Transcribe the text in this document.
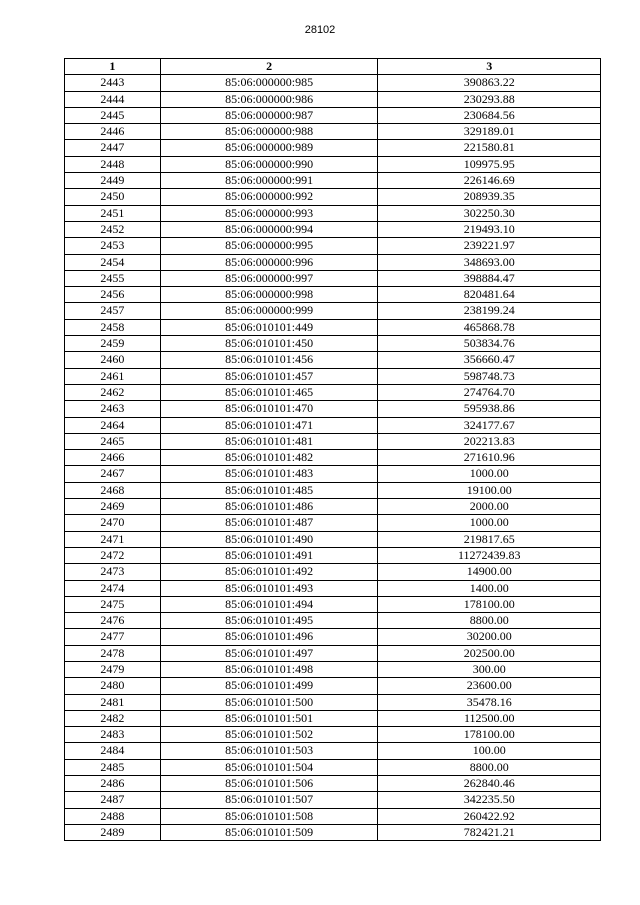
28102
1	2	3
2443	85:06:000000:985	390863.22
2444	85:06:000000:986	230293.88
2445	85:06:000000:987	230684.56
2446	85:06:000000:988	329189.01
2447	85:06:000000:989	221580.81
2448	85:06:000000:990	109975.95
2449	85:06:000000:991	226146.69
2450	85:06:000000:992	208939.35
2451	85:06:000000:993	302250.30
2452	85:06:000000:994	219493.10
2453	85:06:000000:995	239221.97
2454	85:06:000000:996	348693.00
2455	85:06:000000:997	398884.47
2456	85:06:000000:998	820481.64
2457	85:06:000000:999	238199.24
2458	85:06:010101:449	465868.78
2459	85:06:010101:450	503834.76
2460	85:06:010101:456	356660.47
2461	85:06:010101:457	598748.73
2462	85:06:010101:465	274764.70
2463	85:06:010101:470	595938.86
2464	85:06:010101:471	324177.67
2465	85:06:010101:481	202213.83
2466	85:06:010101:482	271610.96
2467	85:06:010101:483	1000.00
2468	85:06:010101:485	19100.00
2469	85:06:010101:486	2000.00
2470	85:06:010101:487	1000.00
2471	85:06:010101:490	219817.65
2472	85:06:010101:491	11272439.83
2473	85:06:010101:492	14900.00
2474	85:06:010101:493	1400.00
2475	85:06:010101:494	178100.00
2476	85:06:010101:495	8800.00
2477	85:06:010101:496	30200.00
2478	85:06:010101:497	202500.00
2479	85:06:010101:498	300.00
2480	85:06:010101:499	23600.00
2481	85:06:010101:500	35478.16
2482	85:06:010101:501	112500.00
2483	85:06:010101:502	178100.00
2484	85:06:010101:503	100.00
2485	85:06:010101:504	8800.00
2486	85:06:010101:506	262840.46
2487	85:06:010101:507	342235.50
2488	85:06:010101:508	260422.92
2489	85:06:010101:509	782421.21
